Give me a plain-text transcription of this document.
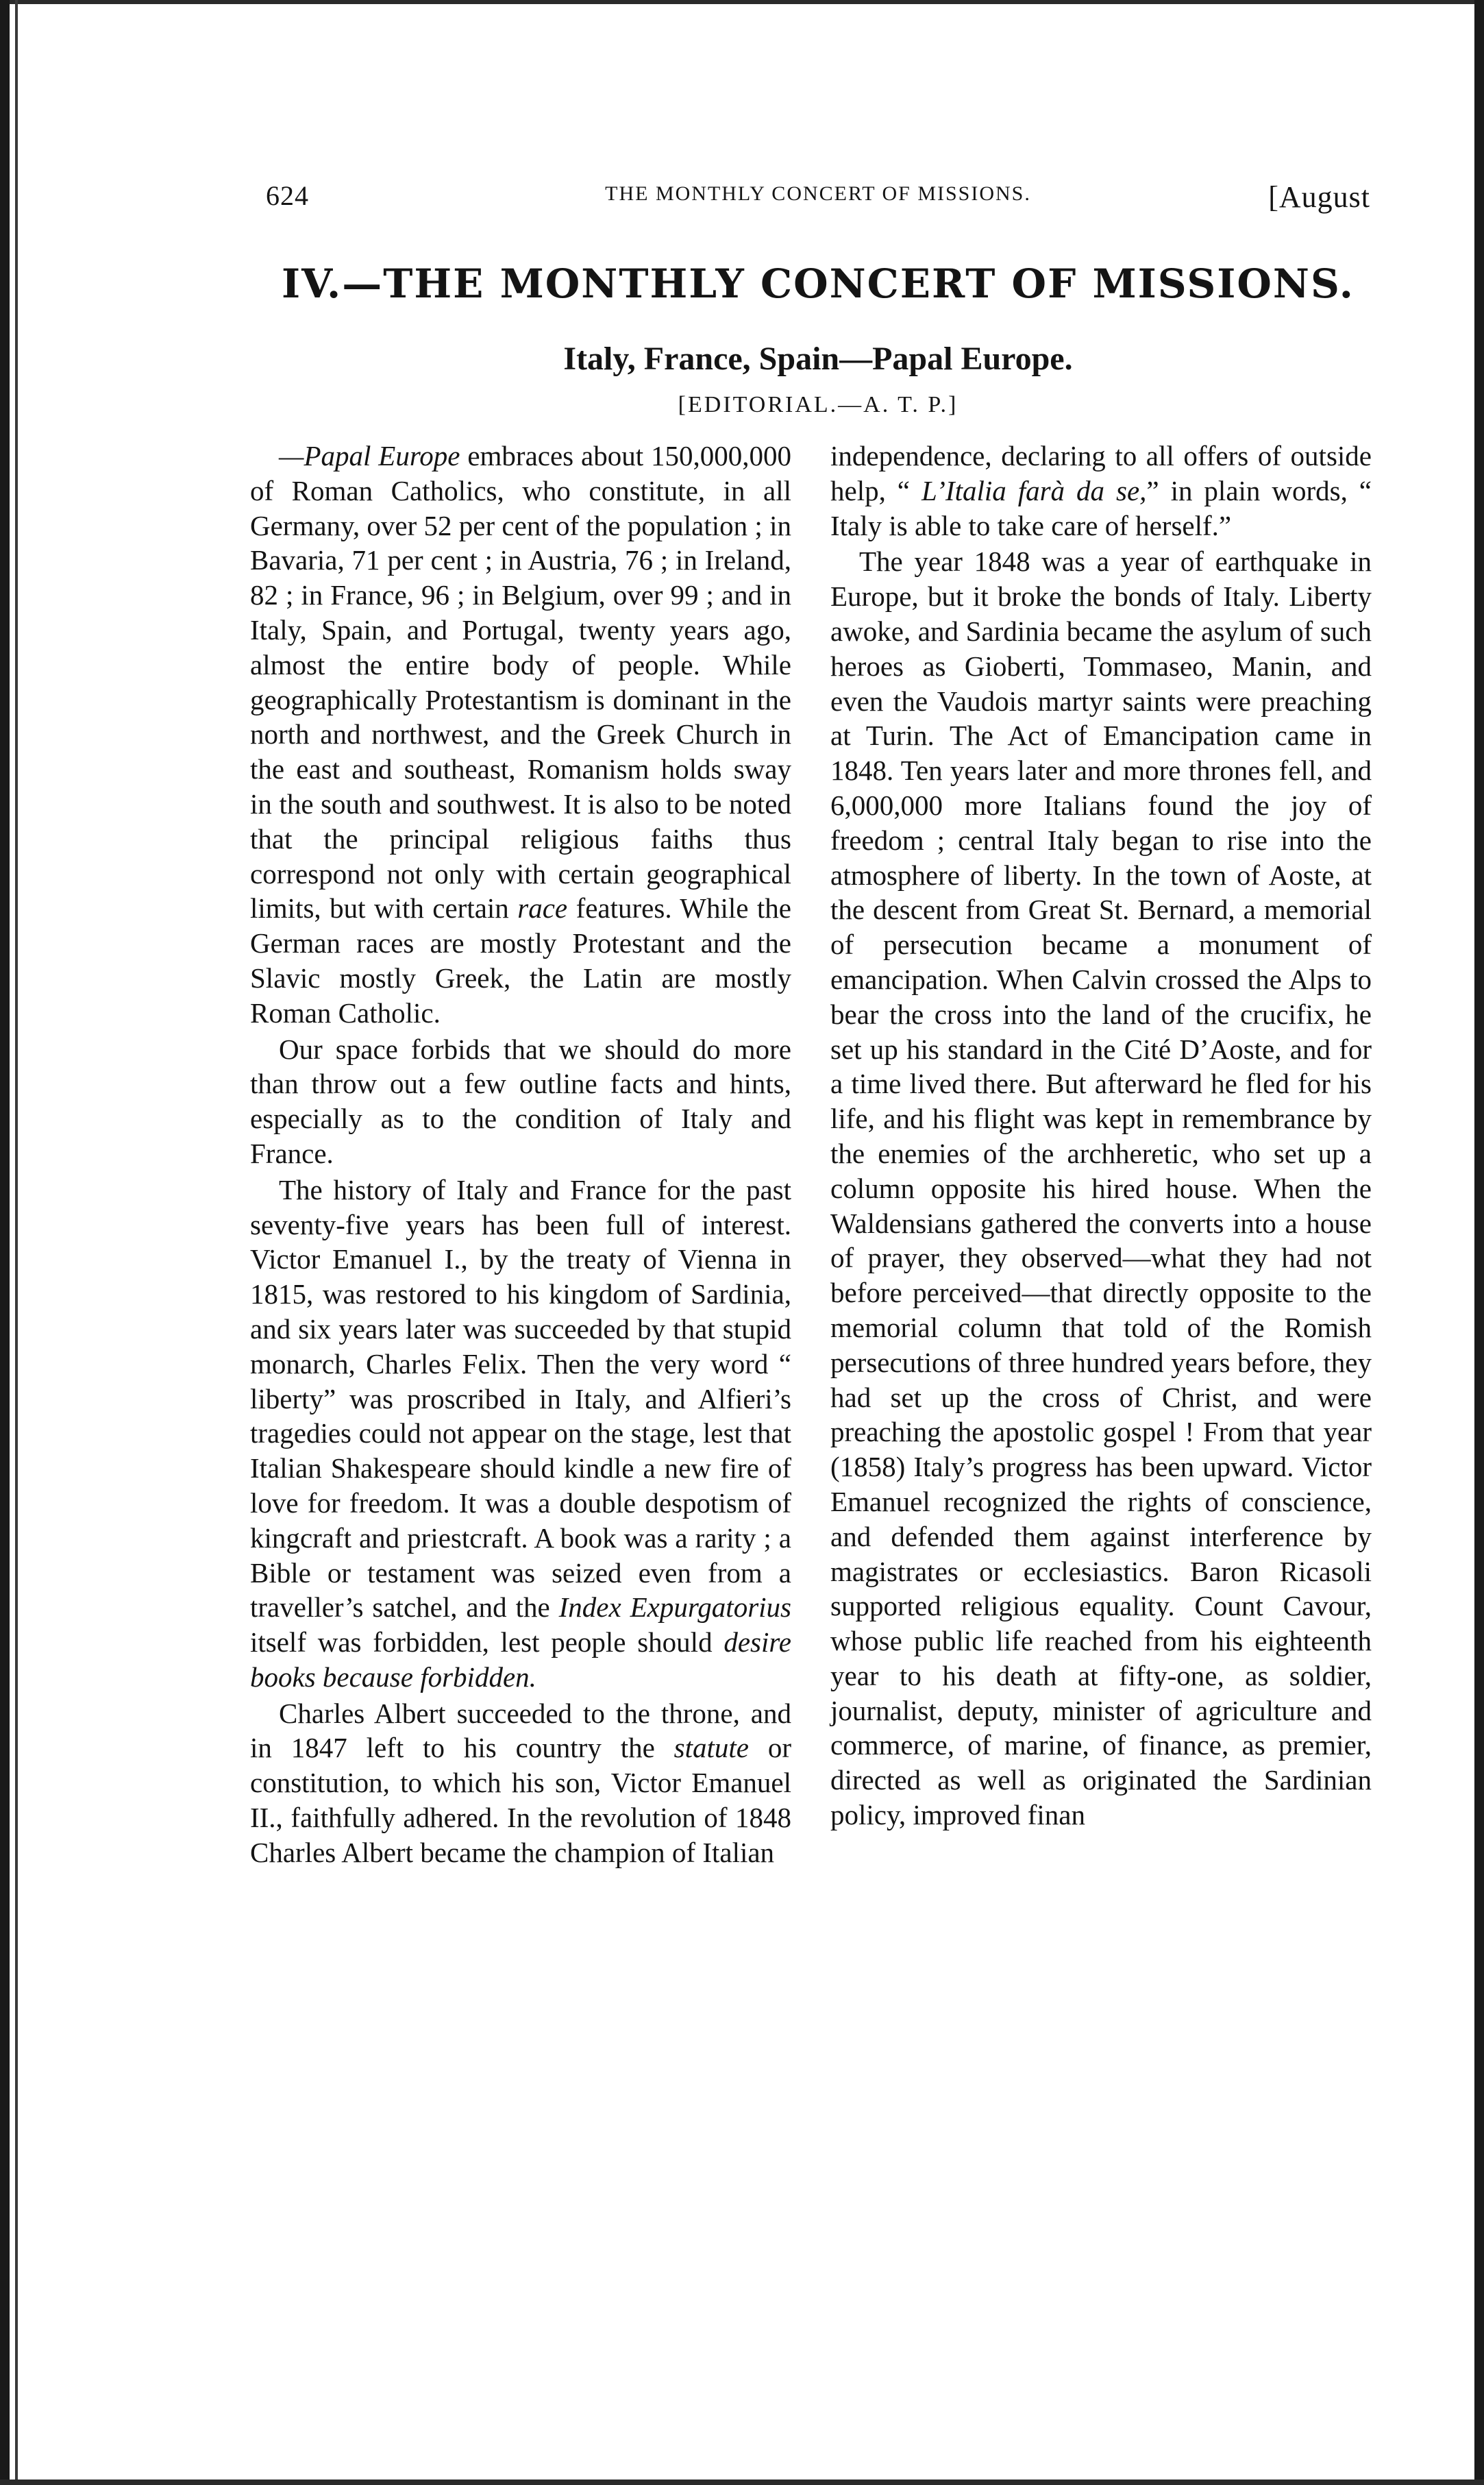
624	THE MONTHLY CONCERT OF MISSIONS.	[August
IV.—THE MONTHLY CONCERT OF MISSIONS.
Italy, France, Spain—Papal Europe.
[EDITORIAL.—A. T. P.]

—Papal Europe embraces about 150,000,000 of Roman Catholics, who constitute, in all Germany, over 52 per cent of the population ; in Bavaria, 71 per cent ; in Austria, 76 ; in Ireland, 82 ; in France, 96 ; in Belgium, over 99 ; and in Italy, Spain, and Portugal, twenty years ago, almost the entire body of people. While geographically Protestantism is dominant in the north and northwest, and the Greek Church in the east and southeast, Romanism holds sway in the south and southwest. It is also to be noted that the principal religious faiths thus correspond not only with certain geographical limits, but with certain race features. While the German races are mostly Protestant and the Slavic mostly Greek, the Latin are mostly Roman Catholic.

Our space forbids that we should do more than throw out a few outline facts and hints, especially as to the condition of Italy and France.

The history of Italy and France for the past seventy-five years has been full of interest. Victor Emanuel I., by the treaty of Vienna in 1815, was restored to his kingdom of Sardinia, and six years later was succeeded by that stupid monarch, Charles Felix. Then the very word “ liberty” was proscribed in Italy, and Alfieri’s tragedies could not appear on the stage, lest that Italian Shakespeare should kindle a new fire of love for freedom. It was a double despotism of kingcraft and priestcraft. A book was a rarity ; a Bible or testament was seized even from a traveller’s satchel, and the Index Expurgatorius itself was forbidden, lest people should desire books because forbidden.

Charles Albert succeeded to the throne, and in 1847 left to his country the statute or constitution, to which his son, Victor Emanuel II., faithfully adhered. In the revolution of 1848 Charles Albert became the champion of Italian

independence, declaring to all offers of outside help, “ L’Italia farà da se,” in plain words, “ Italy is able to take care of herself.”

The year 1848 was a year of earthquake in Europe, but it broke the bonds of Italy. Liberty awoke, and Sardinia became the asylum of such heroes as Gioberti, Tommaseo, Manin, and even the Vaudois martyr saints were preaching at Turin. The Act of Emancipation came in 1848. Ten years later and more thrones fell, and 6,000,000 more Italians found the joy of freedom ; central Italy began to rise into the atmosphere of liberty. In the town of Aoste, at the descent from Great St. Bernard, a memorial of persecution became a monument of emancipation. When Calvin crossed the Alps to bear the cross into the land of the crucifix, he set up his standard in the Cité D’Aoste, and for a time lived there. But afterward he fled for his life, and his flight was kept in remembrance by the enemies of the archheretic, who set up a column opposite his hired house. When the Waldensians gathered the converts into a house of prayer, they observed—what they had not before perceived—that directly opposite to the memorial column that told of the Romish persecutions of three hundred years before, they had set up the cross of Christ, and were preaching the apostolic gospel ! From that year (1858) Italy’s progress has been upward. Victor Emanuel recognized the rights of conscience, and defended them against interference by magistrates or ecclesiastics. Baron Ricasoli supported religious equality. Count Cavour, whose public life reached from his eighteenth year to his death at fifty-one, as soldier, journalist, deputy, minister of agriculture and commerce, of marine, of finance, as premier, directed as well as originated the Sardinian policy, improved finan
